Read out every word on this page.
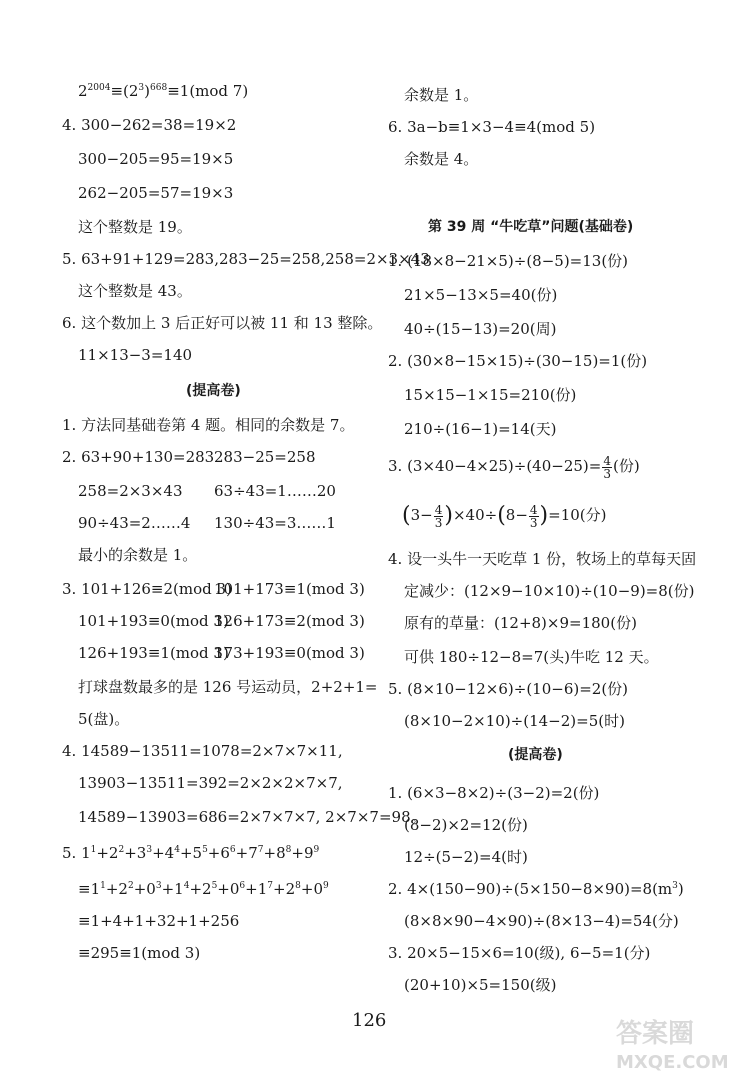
$2^{2004}\equiv(2^3)^{668}\equiv 1(mod$ 7)
4. 300−262=38=19×2
300−205=95=19×5
262−205=57=19×3
这个整数是 19。
5. 63+91+129=283,283−25=258,258=2×3×43
这个整数是 43。
6. 这个数加上 3 后正好可以被 11 和 13 整除。
11×13−3=140
(提高卷)
1. 方法同基础卷第 4 题。相同的余数是 7。
2. 63+90+130=283 283−25=258
258=2×3×43 63÷43=1……20
90÷43=2……4 130÷43=3……1
最小的余数是 1。
3. 101+126≡2(mod 3)
101+173≡1(mod 3)
101+193≡0(mod 3)
126+173≡2(mod 3)
126+193≡1(mod 3)
173+193≡0(mod 3)
打球盘数最多的是 126 号运动员，2+2+1=
5(盘)。
4. 14589−13511=1078=2×7×7×11,
13903−13511=392=2×2×2×7×7,
14589−13903=686=2×7×7×7, 2×7×7=98。
5. $1^1+2^2+3^3+4^4+5^5+6^6+7^7+8^8+9^9$
$\equiv 1^1+2^2+0^3+1^4+2^5+0^6+1^7+2^8+0^9$
≡1+4+1+32+1+256
≡295≡1(mod 3)
余数是 1。
6. 3a−b≡1×3−4≡4(mod 5)
余数是 4。
第 39 周 “牛吃草”问题(基础卷)
1. (18×8−21×5)÷(8−5)=13(份)
21×5−13×5=40(份)
40÷(15−13)=20(周)
2. (30×8−15×15)÷(30−15)=1(份)
15×15−1×15=210(份)
210÷(16−1)=14(天)
3. $(3\times 40-4\times 25)\div(40-25)= \frac{4}{3}$ (份)
$(3- \frac{4}{3} )\times 40\div(8- \frac{4}{3} )=10$(分)
4. 设一头牛一天吃草 1 份，牧场上的草每天固
定减少：(12×9−10×10)÷(10−9)=8(份)
原有的草量：(12+8)×9=180(份)
可供 180÷12−8=7(头)牛吃 12 天。
5. (8×10−12×6)÷(10−6)=2(份)
(8×10−2×10)÷(14−2)=5(时)
(提高卷)
1. (6×3−8×2)÷(3−2)=2(份)
(8−2)×2=12(份)
12÷(5−2)=4(时)
2. $4\times(150-90)\div(5\times 150-8\times 90)=8(m^3)$
(8×8×90−4×90)÷(8×13−4)=54(分)
3. 20×5−15×6=10(级), 6−5=1(分)
(20+10)×5=150(级)
126	答案圈
MXQE.COM
